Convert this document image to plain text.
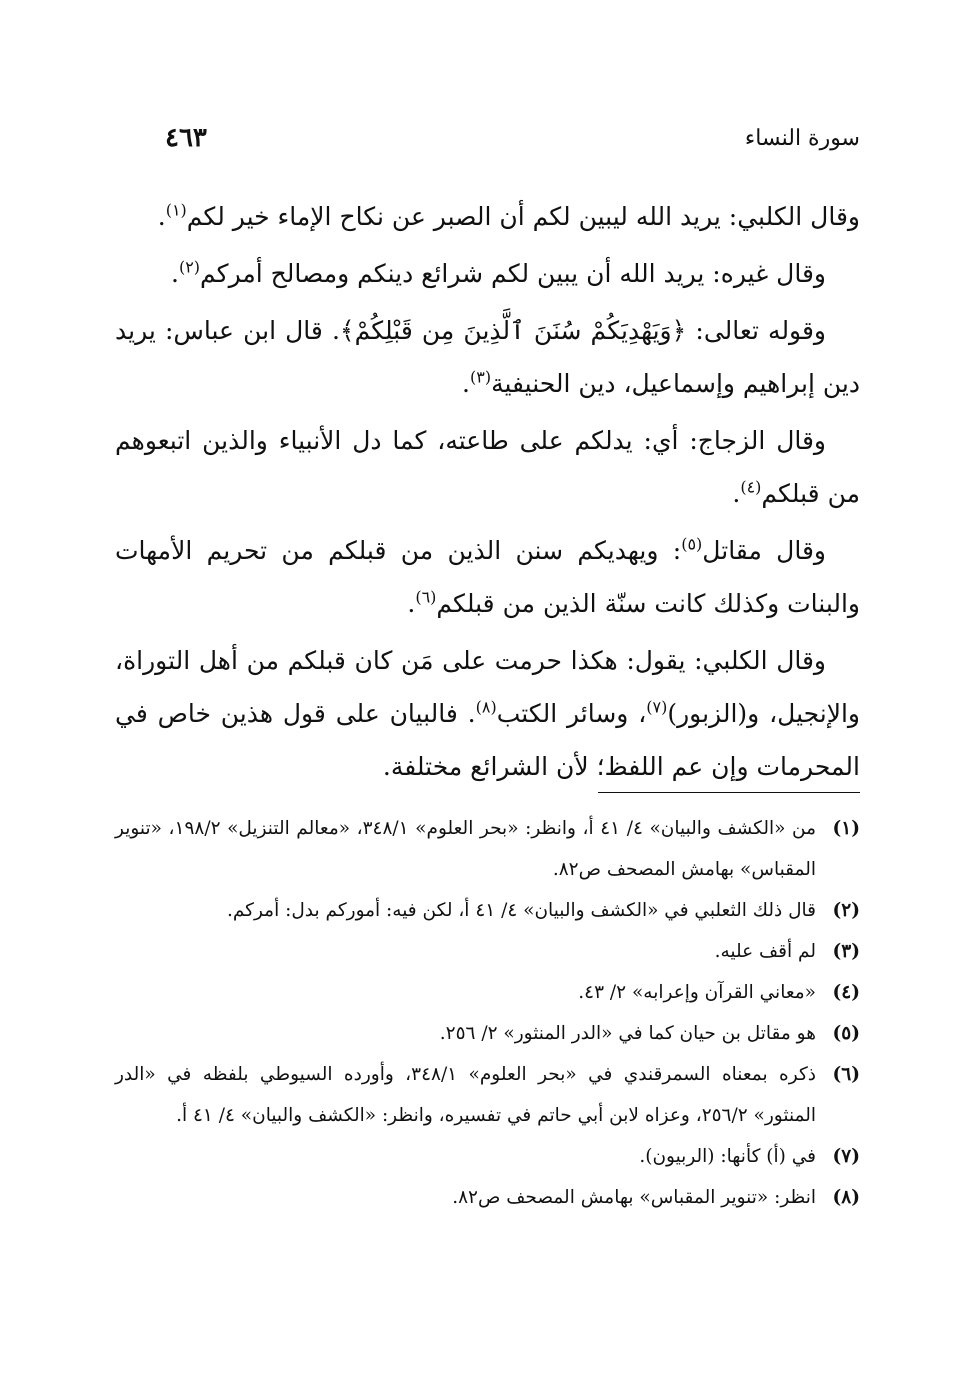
سورة النساء
٤٦٣

وقال الكلبي: يريد الله ليبين لكم أن الصبر عن نكاح الإماء خير لكم$^{(١)}$.

وقال غيره: يريد الله أن يبين لكم شرائع دينكم ومصالح أمركم$^{(٢)}$.

وقوله تعالى: ﴿وَيَهْدِيَكُمْ سُنَنَ ٱلَّذِينَ مِن قَبْلِكُمْ﴾. قال ابن عباس: يريد دين إبراهيم وإسماعيل، دين الحنيفية$^{(٣)}$.

وقال الزجاج: أي: يدلكم على طاعته، كما دل الأنبياء والذين اتبعوهم من قبلكم$^{(٤)}$.

وقال مقاتل$^{(٥)}$: ويهديكم سنن الذين من قبلكم من تحريم الأمهات والبنات وكذلك كانت سنّة الذين من قبلكم$^{(٦)}$.

وقال الكلبي: يقول: هكذا حرمت على مَن كان قبلكم من أهل التوراة، والإنجيل، و(الزبور)$^{(٧)}$، وسائر الكتب$^{(٨)}$. فالبيان على قول هذين خاص في المحرمات وإن عم اللفظ؛ لأن الشرائع مختلفة.

(١)
من «الكشف والبيان» ٤/ ٤١ أ، وانظر: «بحر العلوم» ٣٤٨/١، «معالم التنزيل» ١٩٨/٢، «تنوير المقباس» بهامش المصحف ص٨٢.
(٢)
قال ذلك الثعلبي في «الكشف والبيان» ٤/ ٤١ أ، لكن فيه: أموركم بدل: أمركم.
(٣)
لم أقف عليه.
(٤)
«معاني القرآن وإعرابه» ٢/ ٤٣.
(٥)
هو مقاتل بن حيان كما في «الدر المنثور» ٢/ ٢٥٦.
(٦)
ذكره بمعناه السمرقندي في «بحر العلوم» ٣٤٨/١، وأورده السيوطي بلفظه في «الدر المنثور» ٢٥٦/٢، وعزاه لابن أبي حاتم في تفسيره، وانظر: «الكشف والبيان» ٤/ ٤١ أ.
(٧)
في (أ) كأنها: (الربيون).
(٨)
انظر: «تنوير المقباس» بهامش المصحف ص٨٢.
